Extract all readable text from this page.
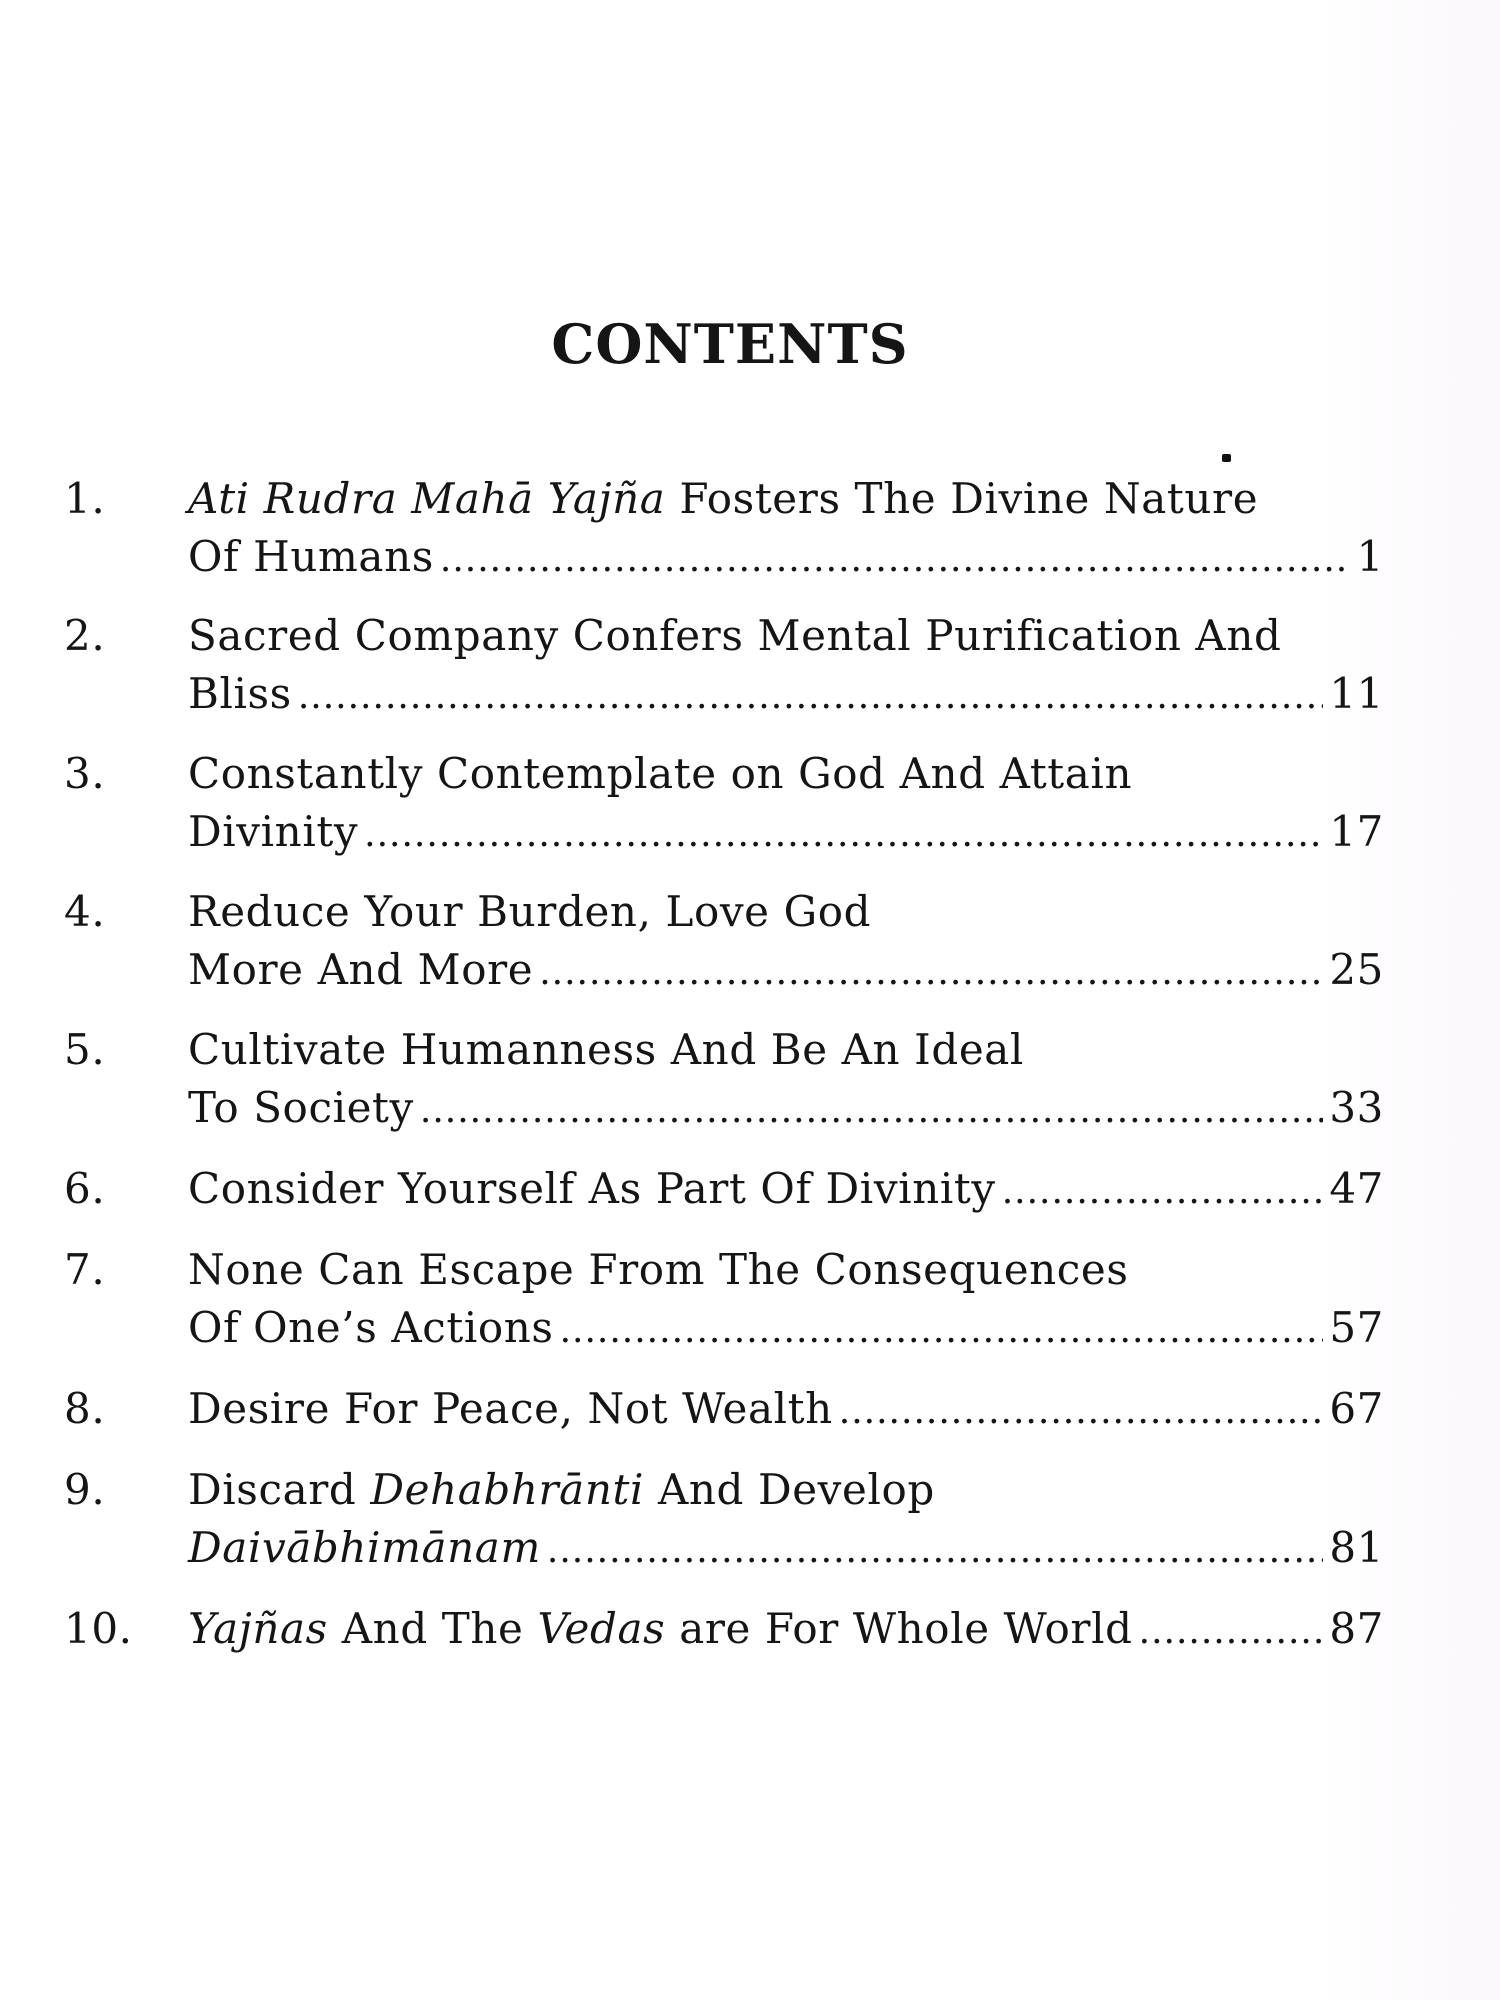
CONTENTS
1.	Ati Rudra Mahā Yajña Fosters The Divine Nature
Of Humans .....	1
2.	Sacred Company Confers Mental Purification And
Bliss .....	11
3.	Constantly Contemplate on God And Attain
Divinity .....	17
4.	Reduce Your Burden, Love God
More And More .....	25
5.	Cultivate Humanness And Be An Ideal
To Society .....	33
6.	Consider Yourself As Part Of Divinity .....	47
7.	None Can Escape From The Consequences
Of One’s Actions .....	57
8.	Desire For Peace, Not Wealth .....	67
9.	Discard Dehabhrānti And Develop
Daivābhimānam .....	81
10.	Yajñas And The Vedas are For Whole World .....	87
